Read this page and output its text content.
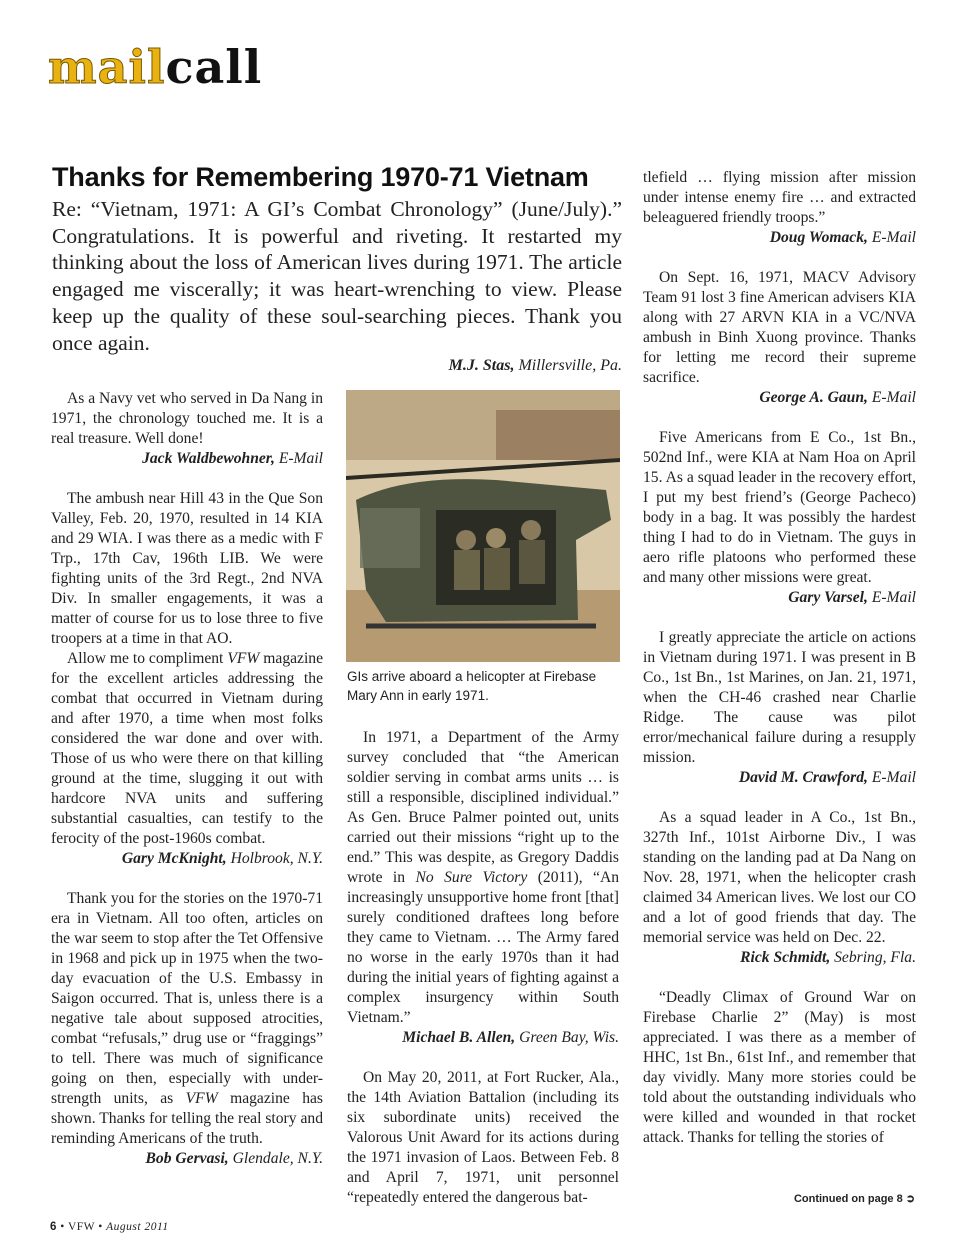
mailcall
Thanks for Remembering 1970-71 Vietnam
Re: “Vietnam, 1971: A GI’s Combat Chronology” (June/July).” Congratulations. It is powerful and riveting. It restarted my thinking about the loss of American lives during 1971. The article engaged me viscerally; it was heart-wrenching to view. Please keep up the quality of these soul-searching pieces. Thank you once again.
M.J. Stas, Millersville, Pa.

As a Navy vet who served in Da Nang in 1971, the chronology touched me. It is a real treasure. Well done!

Jack Waldbewohner, E-Mail

The ambush near Hill 43 in the Que Son Valley, Feb. 20, 1970, resulted in 14 KIA and 29 WIA. I was there as a medic with F Trp., 17th Cav, 196th LIB. We were fighting units of the 3rd Regt., 2nd NVA Div. In smaller engagements, it was a matter of course for us to lose three to five troopers at a time in that AO.

Allow me to compliment VFW magazine for the excellent articles addressing the combat that occurred in Vietnam during and after 1970, a time when most folks considered the war done and over with. Those of us who were there on that killing ground at the time, slugging it out with hardcore NVA units and suffering substantial casualties, can testify to the ferocity of the post-1960s combat.

Gary McKnight, Holbrook, N.Y.

Thank you for the stories on the 1970-71 era in Vietnam. All too often, articles on the war seem to stop after the Tet Offensive in 1968 and pick up in 1975 when the two-day evacuation of the U.S. Embassy in Saigon occurred. That is, unless there is a negative tale about supposed atrocities, combat “refusals,” drug use or “fraggings” to tell. There was much of significance going on then, especially with under-strength units, as VFW magazine has shown. Thanks for telling the real story and reminding Americans of the truth.

Bob Gervasi, Glendale, N.Y.
GIs arrive aboard a helicopter at Firebase Mary Ann in early 1971.

In 1971, a Department of the Army survey concluded that “the American soldier serving in combat arms units … is still a responsible, disciplined individual.” As Gen. Bruce Palmer pointed out, units carried out their missions “right up to the end.” This was despite, as Gregory Daddis wrote in No Sure Victory (2011), “An increasingly unsupportive home front [that] surely conditioned draftees long before they came to Vietnam. … The Army fared no worse in the early 1970s than it had during the initial years of fighting against a complex insurgency within South Vietnam.”

Michael B. Allen, Green Bay, Wis.

On May 20, 2011, at Fort Rucker, Ala., the 14th Aviation Battalion (including its six subordinate units) received the Valorous Unit Award for its actions during the 1971 invasion of Laos. Between Feb. 8 and April 7, 1971, unit personnel “repeatedly entered the dangerous bat-

tlefield … flying mission after mission under intense enemy fire … and extracted beleaguered friendly troops.”

Doug Womack, E-Mail

On Sept. 16, 1971, MACV Advisory Team 91 lost 3 fine American advisers KIA along with 27 ARVN KIA in a VC/NVA ambush in Binh Xuong province. Thanks for letting me record their supreme sacrifice.

George A. Gaun, E-Mail

Five Americans from E Co., 1st Bn., 502nd Inf., were KIA at Nam Hoa on April 15. As a squad leader in the recovery effort, I put my best friend’s (George Pacheco) body in a bag. It was possibly the hardest thing I had to do in Vietnam. The guys in aero rifle platoons who performed these and many other missions were great.

Gary Varsel, E-Mail

I greatly appreciate the article on actions in Vietnam during 1971. I was present in B Co., 1st Bn., 1st Marines, on Jan. 21, 1971, when the CH-46 crashed near Charlie Ridge. The cause was pilot error/mechanical failure during a resupply mission.

David M. Crawford, E-Mail

As a squad leader in A Co., 1st Bn., 327th Inf., 101st Airborne Div., I was standing on the landing pad at Da Nang on Nov. 28, 1971, when the helicopter crash claimed 34 American lives. We lost our CO and a lot of good friends that day. The memorial service was held on Dec. 22.

Rick Schmidt, Sebring, Fla.

“Deadly Climax of Ground War on Firebase Charlie 2” (May) is most appreciated. I was there as a member of HHC, 1st Bn., 61st Inf., and remember that day vividly. Many more stories could be told about the outstanding individuals who were killed and wounded in that rocket attack. Thanks for telling the stories of

Continued on page 8 ➲
6 • VFW • August 2011
